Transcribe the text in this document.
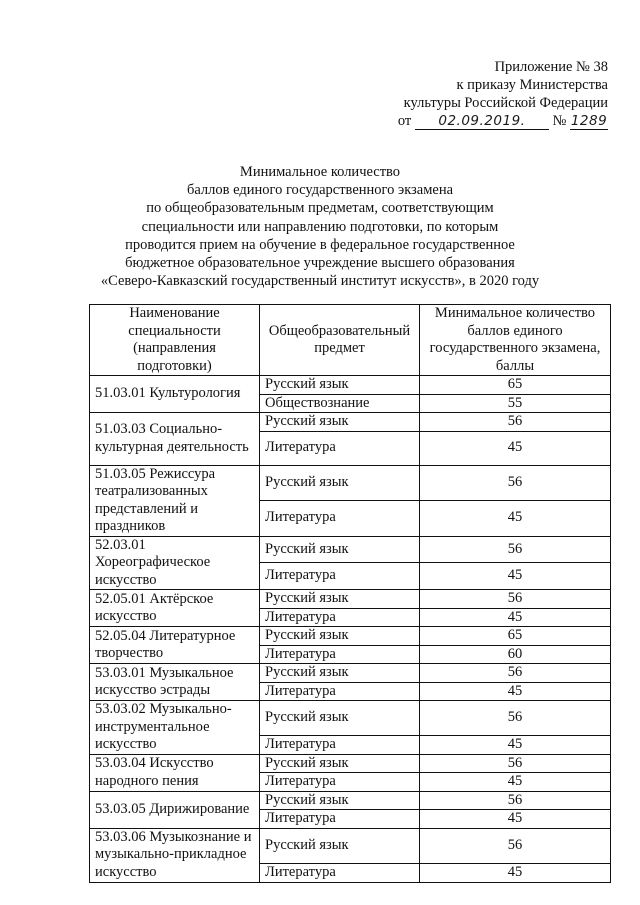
Приложение № 38
к приказу Министерства
культуры Российской Федерации
от 02.09.2019. № 1289
Минимальное количество
баллов единого государственного экзамена
по общеобразовательным предметам, соответствующим
специальности или направлению подготовки, по которым
проводится прием на обучение в федеральное государственное
бюджетное образовательное учреждение высшего образования
«Северо-Кавказский государственный институт искусств», в 2020 году
Наименование специальности (направления подготовки)	Общеобразовательный предмет	Минимальное количество баллов единого государственного экзамена, баллы
51.03.01 Культурология	Русский язык	65
	Обществознание	55
51.03.03 Социально-культурная деятельность	Русский язык	56
	Литература	45
51.03.05 Режиссура театрализованных представлений и праздников	Русский язык	56
	Литература	45
52.03.01 Хореографическое искусство	Русский язык	56
	Литература	45
52.05.01 Актёрское искусство	Русский язык	56
	Литература	45
52.05.04 Литературное творчество	Русский язык	65
	Литература	60
53.03.01 Музыкальное искусство эстрады	Русский язык	56
	Литература	45
53.03.02 Музыкально-инструментальное искусство	Русский язык	56
	Литература	45
53.03.04 Искусство народного пения	Русский язык	56
	Литература	45
53.03.05 Дирижирование	Русский язык	56
	Литература	45
53.03.06 Музыкознание и музыкально-прикладное искусство	Русский язык	56
	Литература	45
